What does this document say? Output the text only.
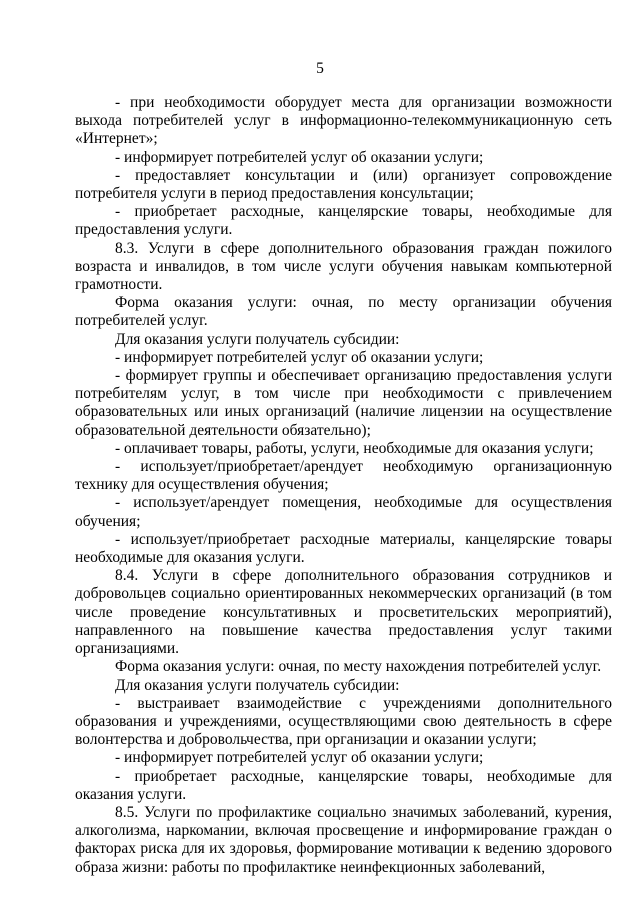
5

- при необходимости оборудует места для организации возможности выхода потребителей услуг в информационно-телекоммуникационную сеть «Интернет»;

- информирует потребителей услуг об оказании услуги;

- предоставляет консультации и (или) организует сопровождение потребителя услуги в период предоставления консультации;

- приобретает расходные, канцелярские товары, необходимые для предоставления услуги.

8.3. Услуги в сфере дополнительного образования граждан пожилого возраста и инвалидов, в том числе услуги обучения навыкам компьютерной грамотности.

Форма оказания услуги: очная, по месту организации обучения потребителей услуг.

Для оказания услуги получатель субсидии:

- информирует потребителей услуг об оказании услуги;

- формирует группы и обеспечивает организацию предоставления услуги потребителям услуг, в том числе при необходимости с привлечением образовательных или иных организаций (наличие лицензии на осуществление образовательной деятельности обязательно);

- оплачивает товары, работы, услуги, необходимые для оказания услуги;

- использует/приобретает/арендует необходимую организационную технику для осуществления обучения;

- использует/арендует помещения, необходимые для осуществления обучения;

- использует/приобретает расходные материалы, канцелярские товары необходимые для оказания услуги.

8.4. Услуги в сфере дополнительного образования сотрудников и добровольцев социально ориентированных некоммерческих организаций (в том числе проведение консультативных и просветительских мероприятий), направленного на повышение качества предоставления услуг такими организациями.

Форма оказания услуги: очная, по месту нахождения потребителей услуг.

Для оказания услуги получатель субсидии:

- выстраивает взаимодействие с учреждениями дополнительного образования и учреждениями, осуществляющими свою деятельность в сфере волонтерства и добровольчества, при организации и оказании услуги;

- информирует потребителей услуг об оказании услуги;

- приобретает расходные, канцелярские товары, необходимые для оказания услуги.

8.5. Услуги по профилактике социально значимых заболеваний, курения, алкоголизма, наркомании, включая просвещение и информирование граждан о факторах риска для их здоровья, формирование мотивации к ведению здорового образа жизни: работы по профилактике неинфекционных заболеваний,
